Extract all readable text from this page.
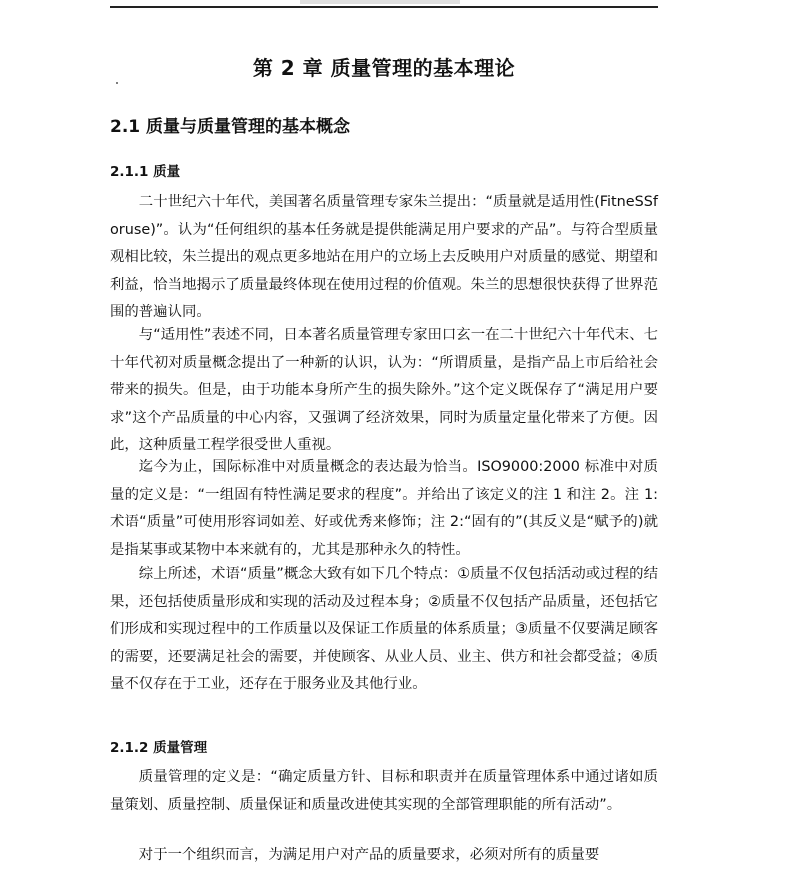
第 2 章 质量管理的基本理论
2.1 质量与质量管理的基本概念
2.1.1 质量

二十世纪六十年代，美国著名质量管理专家朱兰提出：“质量就是适用性(FitneSSforuse)”。认为“任何组织的基本任务就是提供能满足用户要求的产品”。与符合型质量观相比较，朱兰提出的观点更多地站在用户的立场上去反映用户对质量的感觉、期望和利益，恰当地揭示了质量最终体现在使用过程的价值观。朱兰的思想很快获得了世界范围的普遍认同。

与“适用性”表述不同，日本著名质量管理专家田口玄一在二十世纪六十年代末、七十年代初对质量概念提出了一种新的认识，认为：“所谓质量，是指产品上市后给社会带来的损失。但是，由于功能本身所产生的损失除外。”这个定义既保存了“满足用户要求”这个产品质量的中心内容，又强调了经济效果，同时为质量定量化带来了方便。因此，这种质量工程学很受世人重视。

迄今为止，国际标准中对质量概念的表达最为恰当。ISO9000:2000 标准中对质量的定义是：“一组固有特性满足要求的程度”。并给出了该定义的注 1 和注 2。注 1:术语“质量”可使用形容词如差、好或优秀来修饰；注 2:“固有的”(其反义是“赋予的)就是指某事或某物中本来就有的，尤其是那种永久的特性。

综上所述，术语“质量”概念大致有如下几个特点：①质量不仅包括活动或过程的结果，还包括使质量形成和实现的活动及过程本身；②质量不仅包括产品质量，还包括它们形成和实现过程中的工作质量以及保证工作质量的体系质量；③质量不仅要满足顾客的需要，还要满足社会的需要，并使顾客、从业人员、业主、供方和社会都受益；④质量不仅存在于工业，还存在于服务业及其他行业。

2.1.2 质量管理

质量管理的定义是：“确定质量方针、目标和职责并在质量管理体系中通过诸如质量策划、质量控制、质量保证和质量改进使其实现的全部管理职能的所有活动”。

对于一个组织而言，为满足用户对产品的质量要求，必须对所有的质量要
